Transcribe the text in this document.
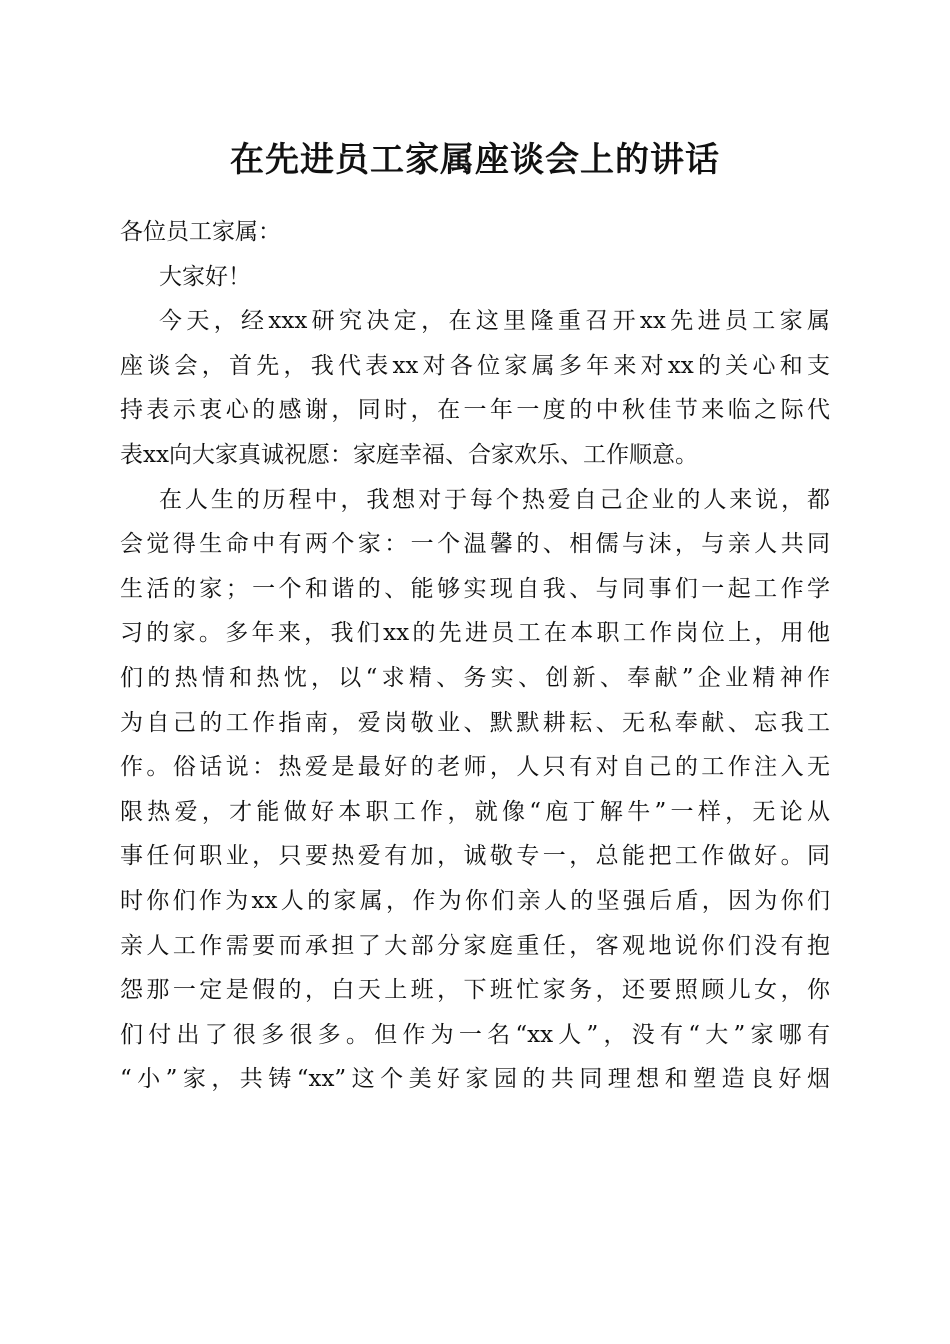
在先进员工家属座谈会上的讲话

各位员工家属：

大家好！

今天，经xxx研究决定，在这里隆重召开xx先进员工家属

座谈会，首先，我代表xx对各位家属多年来对xx的关心和支

持表示衷心的感谢，同时，在一年一度的中秋佳节来临之际代

表xx向大家真诚祝愿：家庭幸福、合家欢乐、工作顺意。

在人生的历程中，我想对于每个热爱自己企业的人来说，都

会觉得生命中有两个家：一个温馨的、相儒与沫，与亲人共同

生活的家；一个和谐的、能够实现自我、与同事们一起工作学

习的家。多年来，我们xx的先进员工在本职工作岗位上，用他

们的热情和热忱，以“求精、务实、创新、奉献”企业精神作

为自己的工作指南，爱岗敬业、默默耕耘、无私奉献、忘我工

作。俗话说：热爱是最好的老师，人只有对自己的工作注入无

限热爱，才能做好本职工作，就像“庖丁解牛”一样，无论从

事任何职业，只要热爱有加，诚敬专一，总能把工作做好。同

时你们作为xx人的家属，作为你们亲人的坚强后盾，因为你们

亲人工作需要而承担了大部分家庭重任，客观地说你们没有抱

怨那一定是假的，白天上班，下班忙家务，还要照顾儿女，你

们付出了很多很多。但作为一名“xx人”，没有“大”家哪有

“小”家，共铸“xx”这个美好家园的共同理想和塑造良好烟
